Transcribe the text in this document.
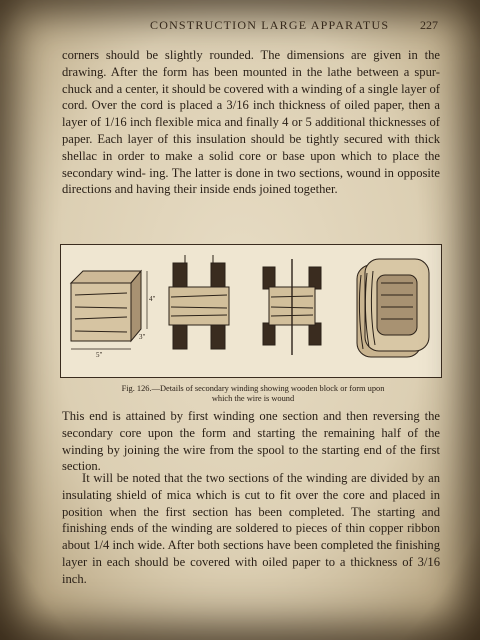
CONSTRUCTION LARGE APPARATUS	227

corners should be slightly rounded. The dimensions are given in the drawing. After the form has been mounted in the lathe between a spur-chuck and a center, it should be covered with a winding of a single layer of cord. Over the cord is placed a 3/16 inch thickness of oiled paper, then a layer of 1/16 inch flexible mica and finally 4 or 5 additional thicknesses of paper. Each layer of this insulation should be tightly secured with thick shellac in order to make a solid core or base upon which to place the secondary wind- ing. The latter is done in two sections, wound in opposite directions and having their inside ends joined together.

4"
3"
5"
Fig. 126.—Details of secondary winding showing wooden block or form upon
which the wire is wound

This end is attained by first winding one section and then reversing the secondary core upon the form and starting the remaining half of the winding by joining the wire from the spool to the starting end of the first section.

It will be noted that the two sections of the winding are divided by an insulating shield of mica which is cut to fit over the core and placed in position when the first section has been completed. The starting and finishing ends of the winding are soldered to pieces of thin copper ribbon about 1/4 inch wide. After both sections have been completed the finishing layer in each should be covered with oiled paper to a thickness of 3/16 inch.
